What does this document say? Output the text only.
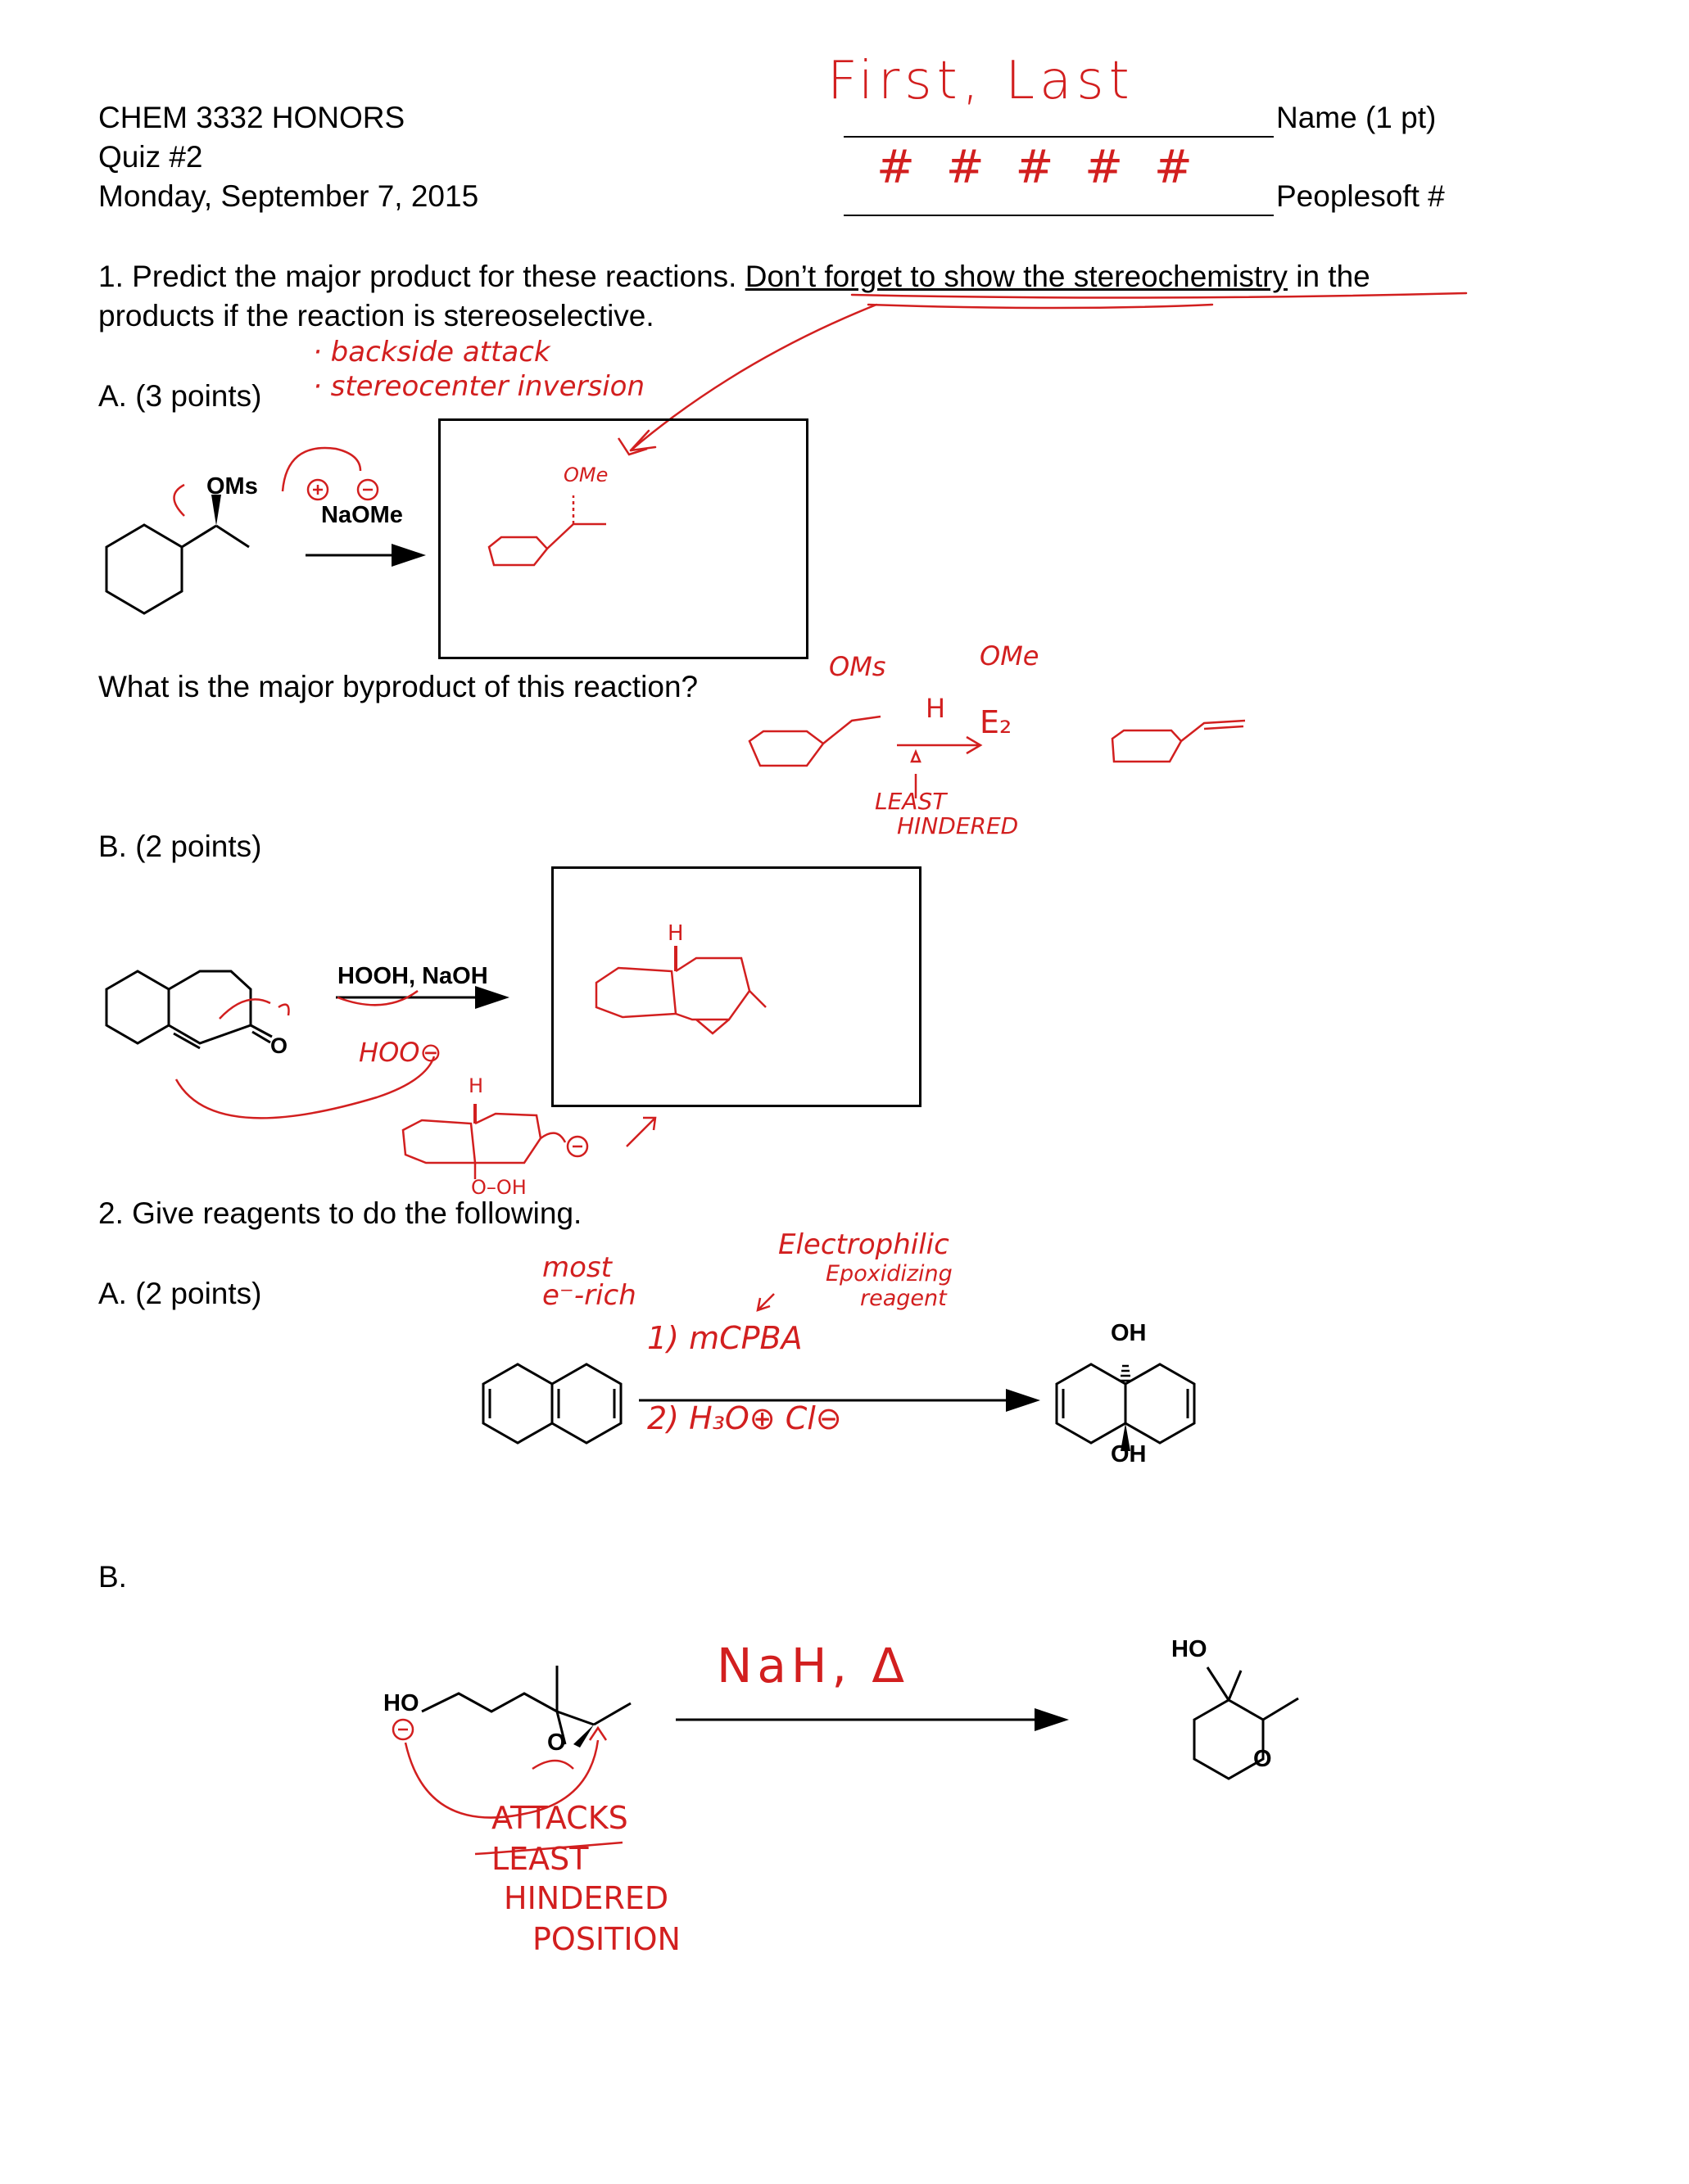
CHEM 3332 HONORS
Quiz #2
Monday, September 7, 2015
Name (1 pt)
Peoplesoft #
First, Last
# # # # #
1. Predict the major product for these reactions. Don’t forget to show the stereochemistry in the
products if the reaction is stereoselective.
A. (3 points)
· backside attack
· stereocenter inversion
OMs
NaOMe
OMe
What is the major byproduct of this reaction?
OMs	OMe
H E₂
LEAST
HINDERED
B. (2 points)
O
HOOH, NaOH
H
HOO⊖
H
O–OH
2. Give reagents to do the following.
A. (2 points)
most
e⁻-rich
Electrophilic
Epoxidizing
reagent
1) mCPBA
2) H₃O⊕ Cl⊖
OH
OH
B.
HO
O
HO
O
NaH, Δ
ATTACKS
LEAST
HINDERED
POSITION
